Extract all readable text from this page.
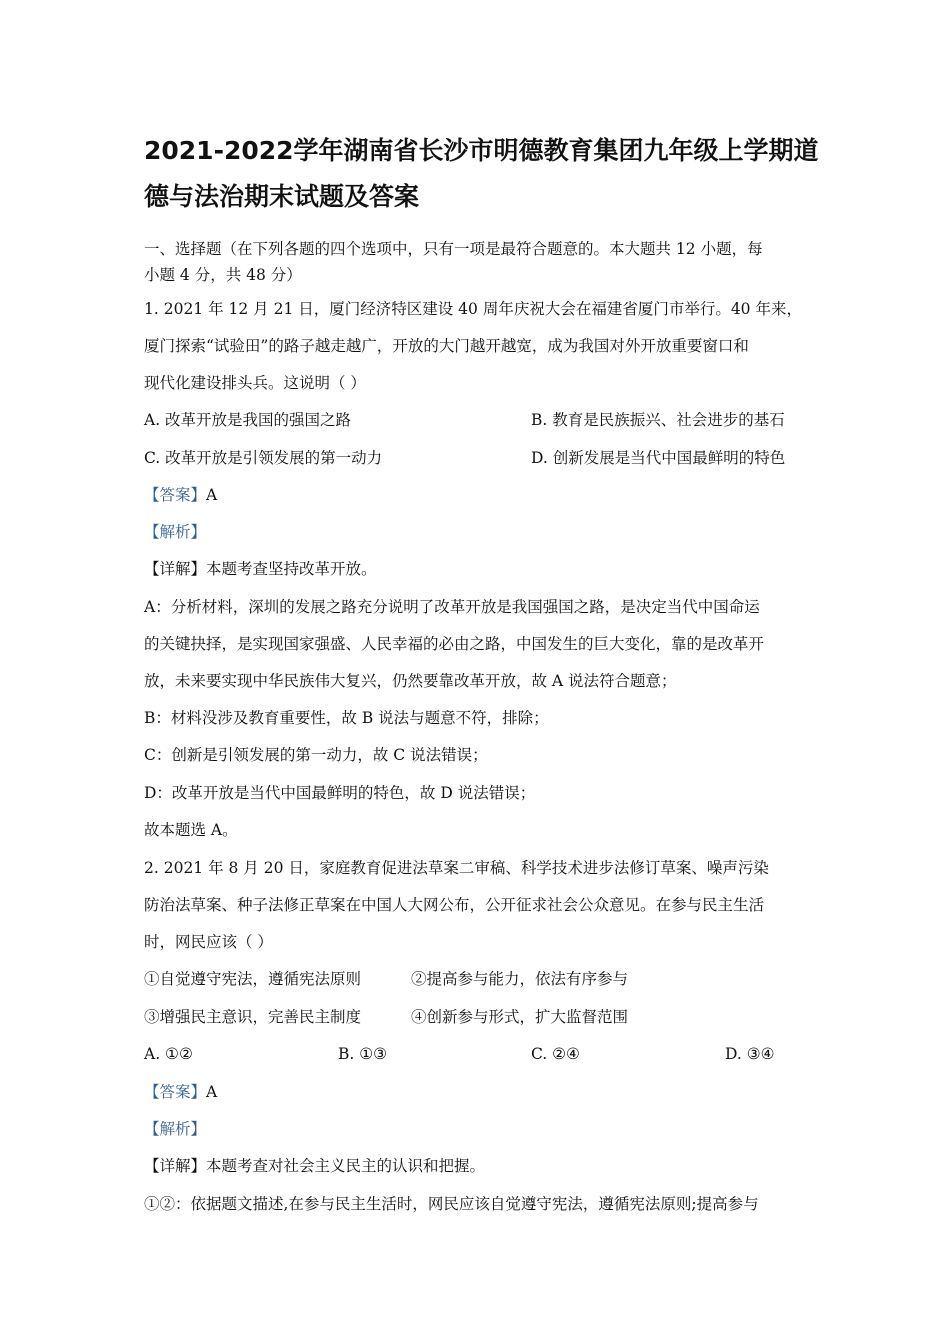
2021-2022学年湖南省长沙市明德教育集团九年级上学期道
德与法治期末试题及答案

一、选择题（在下列各题的四个选项中，只有一项是最符合题意的。本大题共 12 小题，每

小题 4 分，共 48 分）

1. 2021 年 12 月 21 日，厦门经济特区建设 40 周年庆祝大会在福建省厦门市举行。40 年来，

厦门探索“试验田”的路子越走越广，开放的大门越开越宽，成为我国对外开放重要窗口和

现代化建设排头兵。这说明（ ）

A. 改革开放是我国的强国之路	B. 教育是民族振兴、社会进步的基石
C. 改革开放是引领发展的第一动力	D. 创新发展是当代中国最鲜明的特色

【答案】A

【解析】

【详解】本题考查坚持改革开放。

A：分析材料，深圳的发展之路充分说明了改革开放是我国强国之路，是决定当代中国命运

的关键抉择，是实现国家强盛、人民幸福的必由之路，中国发生的巨大变化，靠的是改革开

放，未来要实现中华民族伟大复兴，仍然要靠改革开放，故 A 说法符合题意；

B：材料没涉及教育重要性，故 B 说法与题意不符，排除；

C：创新是引领发展的第一动力，故 C 说法错误；

D：改革开放是当代中国最鲜明的特色，故 D 说法错误；

故本题选 A。

2. 2021 年 8 月 20 日，家庭教育促进法草案二审稿、科学技术进步法修订草案、噪声污染

防治法草案、种子法修正草案在中国人大网公布，公开征求社会公众意见。在参与民主生活

时，网民应该（ ）

①自觉遵守宪法，遵循宪法原则	②提高参与能力，依法有序参与
③增强民主意识，完善民主制度	④创新参与形式，扩大监督范围
A. ①②	B. ①③	C. ②④	D. ③④

【答案】A

【解析】

【详解】本题考查对社会主义民主的认识和把握。

①②：依据题文描述,在参与民主生活时，网民应该自觉遵守宪法，遵循宪法原则;提高参与
